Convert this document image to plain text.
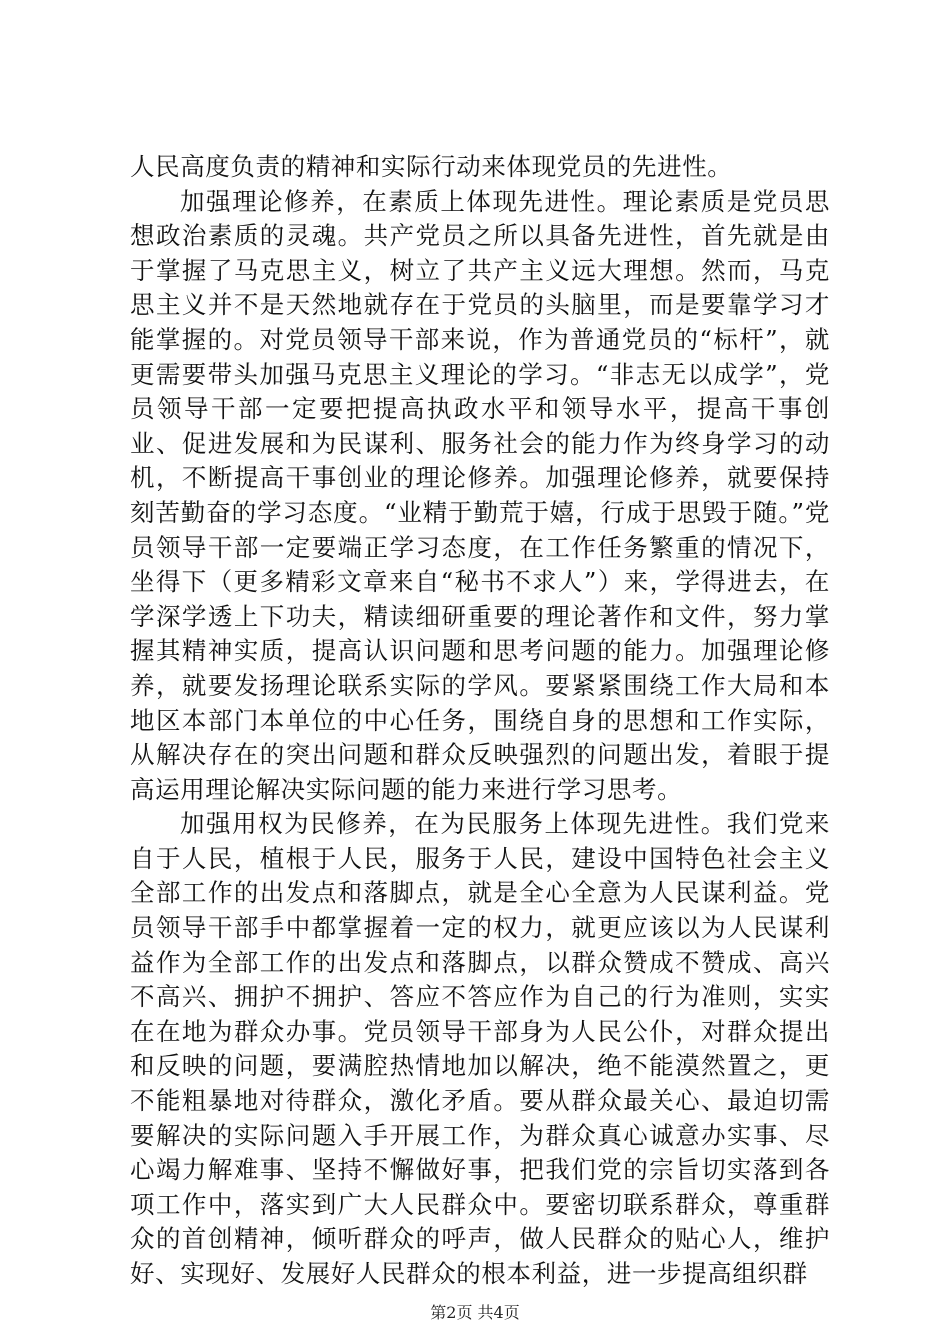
人民高度负责的精神和实际行动来体现党员的先进性。

加强理论修养，在素质上体现先进性。理论素质是党员思想政治素质的灵魂。共产党员之所以具备先进性，首先就是由于掌握了马克思主义，树立了共产主义远大理想。然而，马克思主义并不是天然地就存在于党员的头脑里，而是要靠学习才能掌握的。对党员领导干部来说，作为普通党员的“标杆”，就更需要带头加强马克思主义理论的学习。“非志无以成学”，党员领导干部一定要把提高执政水平和领导水平，提高干事创业、促进发展和为民谋利、服务社会的能力作为终身学习的动机，不断提高干事创业的理论修养。加强理论修养，就要保持刻苦勤奋的学习态度。“业精于勤荒于嬉，行成于思毁于随。”党员领导干部一定要端正学习态度，在工作任务繁重的情况下，坐得下（更多精彩文章来自“秘书不求人”）来，学得进去，在学深学透上下功夫，精读细研重要的理论著作和文件，努力掌握其精神实质，提高认识问题和思考问题的能力。加强理论修养，就要发扬理论联系实际的学风。要紧紧围绕工作大局和本地区本部门本单位的中心任务，围绕自身的思想和工作实际，从解决存在的突出问题和群众反映强烈的问题出发，着眼于提高运用理论解决实际问题的能力来进行学习思考。

加强用权为民修养，在为民服务上体现先进性。我们党来自于人民，植根于人民，服务于人民，建设中国特色社会主义全部工作的出发点和落脚点，就是全心全意为人民谋利益。党员领导干部手中都掌握着一定的权力，就更应该以为人民谋利益作为全部工作的出发点和落脚点，以群众赞成不赞成、高兴不高兴、拥护不拥护、答应不答应作为自己的行为准则，实实在在地为群众办事。党员领导干部身为人民公仆，对群众提出和反映的问题，要满腔热情地加以解决，绝不能漠然置之，更不能粗暴地对待群众，激化矛盾。要从群众最关心、最迫切需要解决的实际问题入手开展工作，为群众真心诚意办实事、尽心竭力解难事、坚持不懈做好事，把我们党的宗旨切实落到各项工作中，落实到广大人民群众中。要密切联系群众，尊重群众的首创精神，倾听群众的呼声，做人民群众的贴心人，维护好、实现好、发展好人民群众的根本利益，进一步提高组织群

第2页 共4页
